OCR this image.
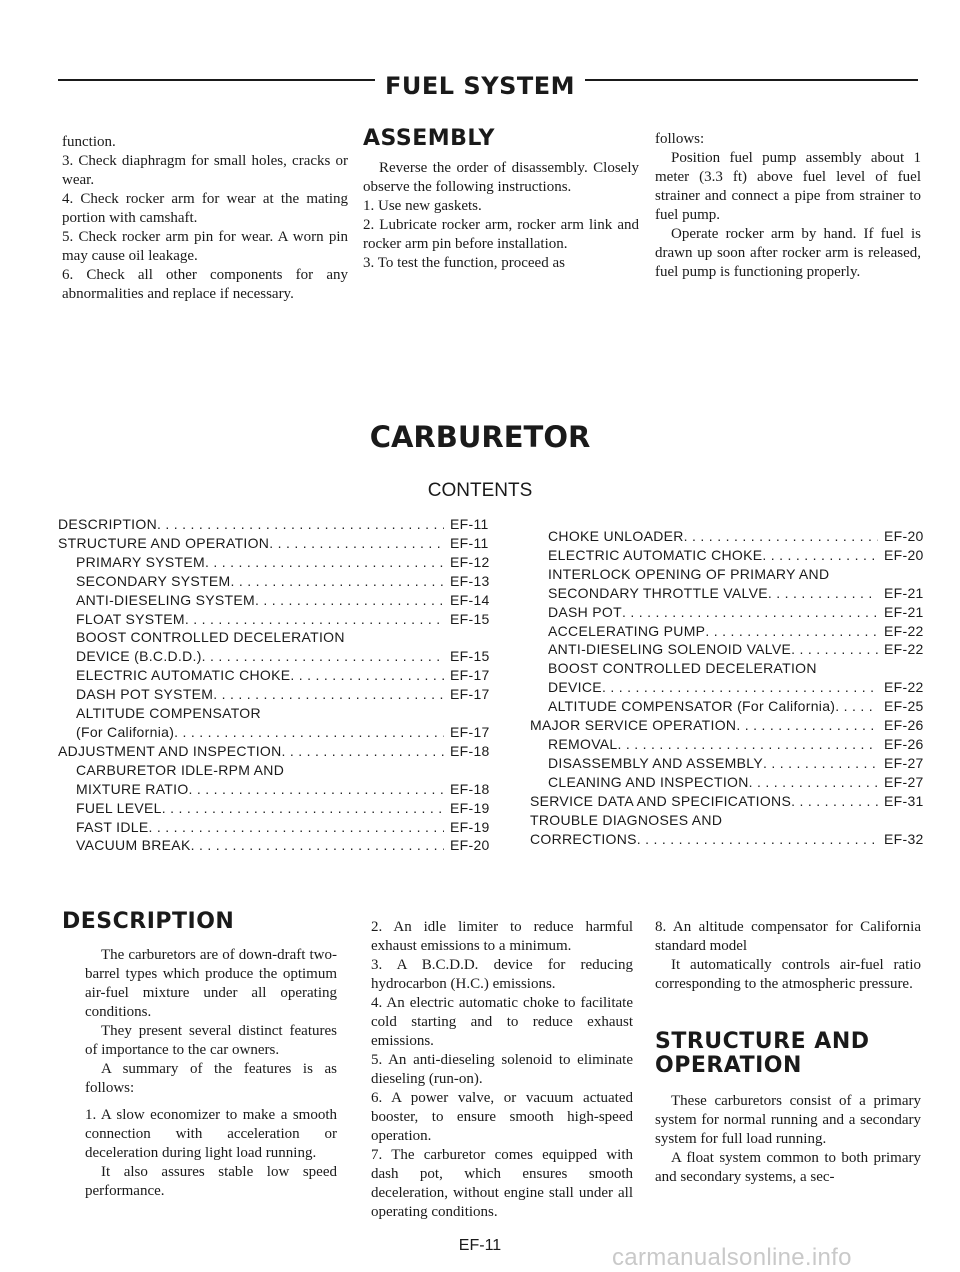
FUEL SYSTEM

function.

3. Check diaphragm for small holes, cracks or wear.

4. Check rocker arm for wear at the mating portion with camshaft.

5. Check rocker arm pin for wear. A worn pin may cause oil leakage.

6. Check all other components for any abnormalities and replace if necessary.

ASSEMBLY

Reverse the order of disassembly. Closely observe the following instructions.

1. Use new gaskets.

2. Lubricate rocker arm, rocker arm link and rocker arm pin before installation.

3. To test the function, proceed as

follows:

Position fuel pump assembly about 1 meter (3.3 ft) above fuel level of fuel strainer and connect a pipe from strainer to fuel pump.

Operate rocker arm by hand. If fuel is drawn up soon after rocker arm is released, fuel pump is functioning properly.

CARBURETOR
CONTENTS
DESCRIPTION . . .	EF-11
STRUCTURE AND OPERATION . . .	EF-11
PRIMARY SYSTEM . . .	EF-12
SECONDARY SYSTEM . . .	EF-13
ANTI-DIESELING SYSTEM . . .	EF-14
FLOAT SYSTEM . . .	EF-15
BOOST CONTROLLED DECELERATION
DEVICE (B.C.D.D.) . . .	EF-15
ELECTRIC AUTOMATIC CHOKE . . .	EF-17
DASH POT SYSTEM . . .	EF-17
ALTITUDE COMPENSATOR
(For California) . . .	EF-17
ADJUSTMENT AND INSPECTION . . .	EF-18
CARBURETOR IDLE-RPM AND
MIXTURE RATIO . . .	EF-18
FUEL LEVEL . . .	EF-19
FAST IDLE . . .	EF-19
VACUUM BREAK . . .	EF-20
CHOKE UNLOADER . . .	EF-20
ELECTRIC AUTOMATIC CHOKE . . .	EF-20
INTERLOCK OPENING OF PRIMARY AND
SECONDARY THROTTLE VALVE . . .	EF-21
DASH POT . . .	EF-21
ACCELERATING PUMP . . .	EF-22
ANTI-DIESELING SOLENOID VALVE . . .	EF-22
BOOST CONTROLLED DECELERATION
DEVICE . . .	EF-22
ALTITUDE COMPENSATOR (For California) . . .	EF-25
MAJOR SERVICE OPERATION . . .	EF-26
REMOVAL . . .	EF-26
DISASSEMBLY AND ASSEMBLY . . .	EF-27
CLEANING AND INSPECTION . . .	EF-27
SERVICE DATA AND SPECIFICATIONS . . .	EF-31
TROUBLE DIAGNOSES AND
CORRECTIONS . . .	EF-32
DESCRIPTION

The carburetors are of down-draft two-barrel types which produce the optimum air-fuel mixture under all operating conditions.

They present several distinct features of importance to the car owners.

A summary of the features is as follows:

1. A slow economizer to make a smooth connection with acceleration or deceleration during light load running.

It also assures stable low speed performance.

2. An idle limiter to reduce harmful exhaust emissions to a minimum.

3. A B.C.D.D. device for reducing hydrocarbon (H.C.) emissions.

4. An electric automatic choke to facilitate cold starting and to reduce exhaust emissions.

5. An anti-dieseling solenoid to eliminate dieseling (run-on).

6. A power valve, or vacuum actuated booster, to ensure smooth high-speed operation.

7. The carburetor comes equipped with dash pot, which ensures smooth deceleration, without engine stall under all operating conditions.

8. An altitude compensator for California standard model

It automatically controls air-fuel ratio corresponding to the atmospheric pressure.

STRUCTURE AND
OPERATION

These carburetors consist of a primary system for normal running and a secondary system for full load running.

A float system common to both primary and secondary systems, a sec-

EF-11	carmanualsonline.info
